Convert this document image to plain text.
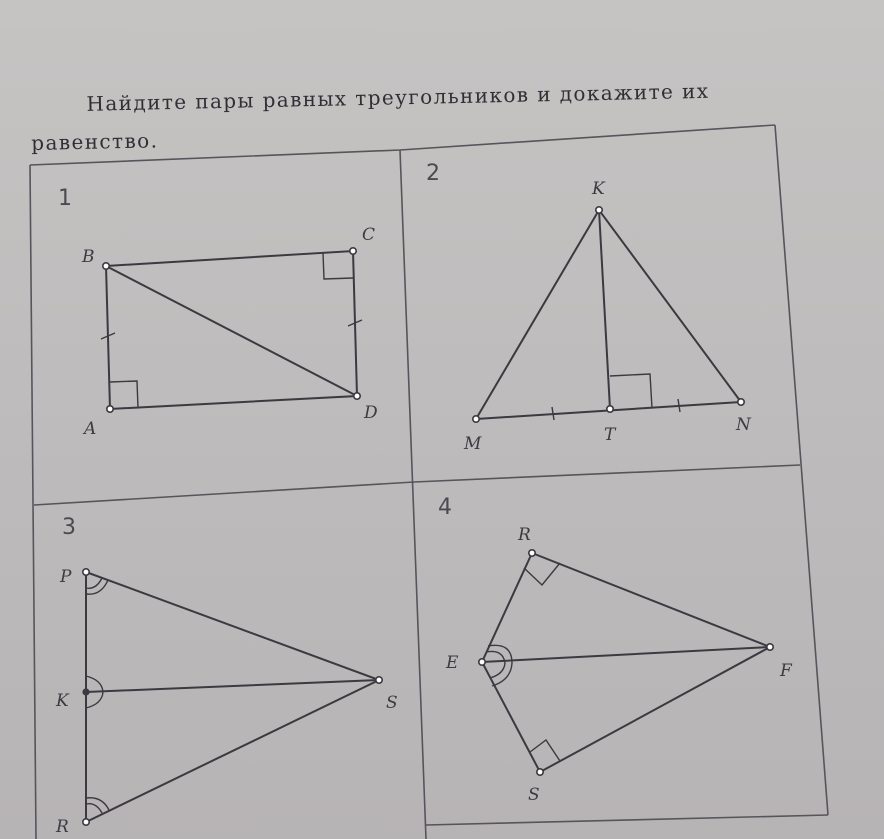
Найдите пары равных треугольников и докажите их
равенство.
1
B
C
D
A
2
K
M	T	N
3
P
K
R
S
4
R
E	F
S
